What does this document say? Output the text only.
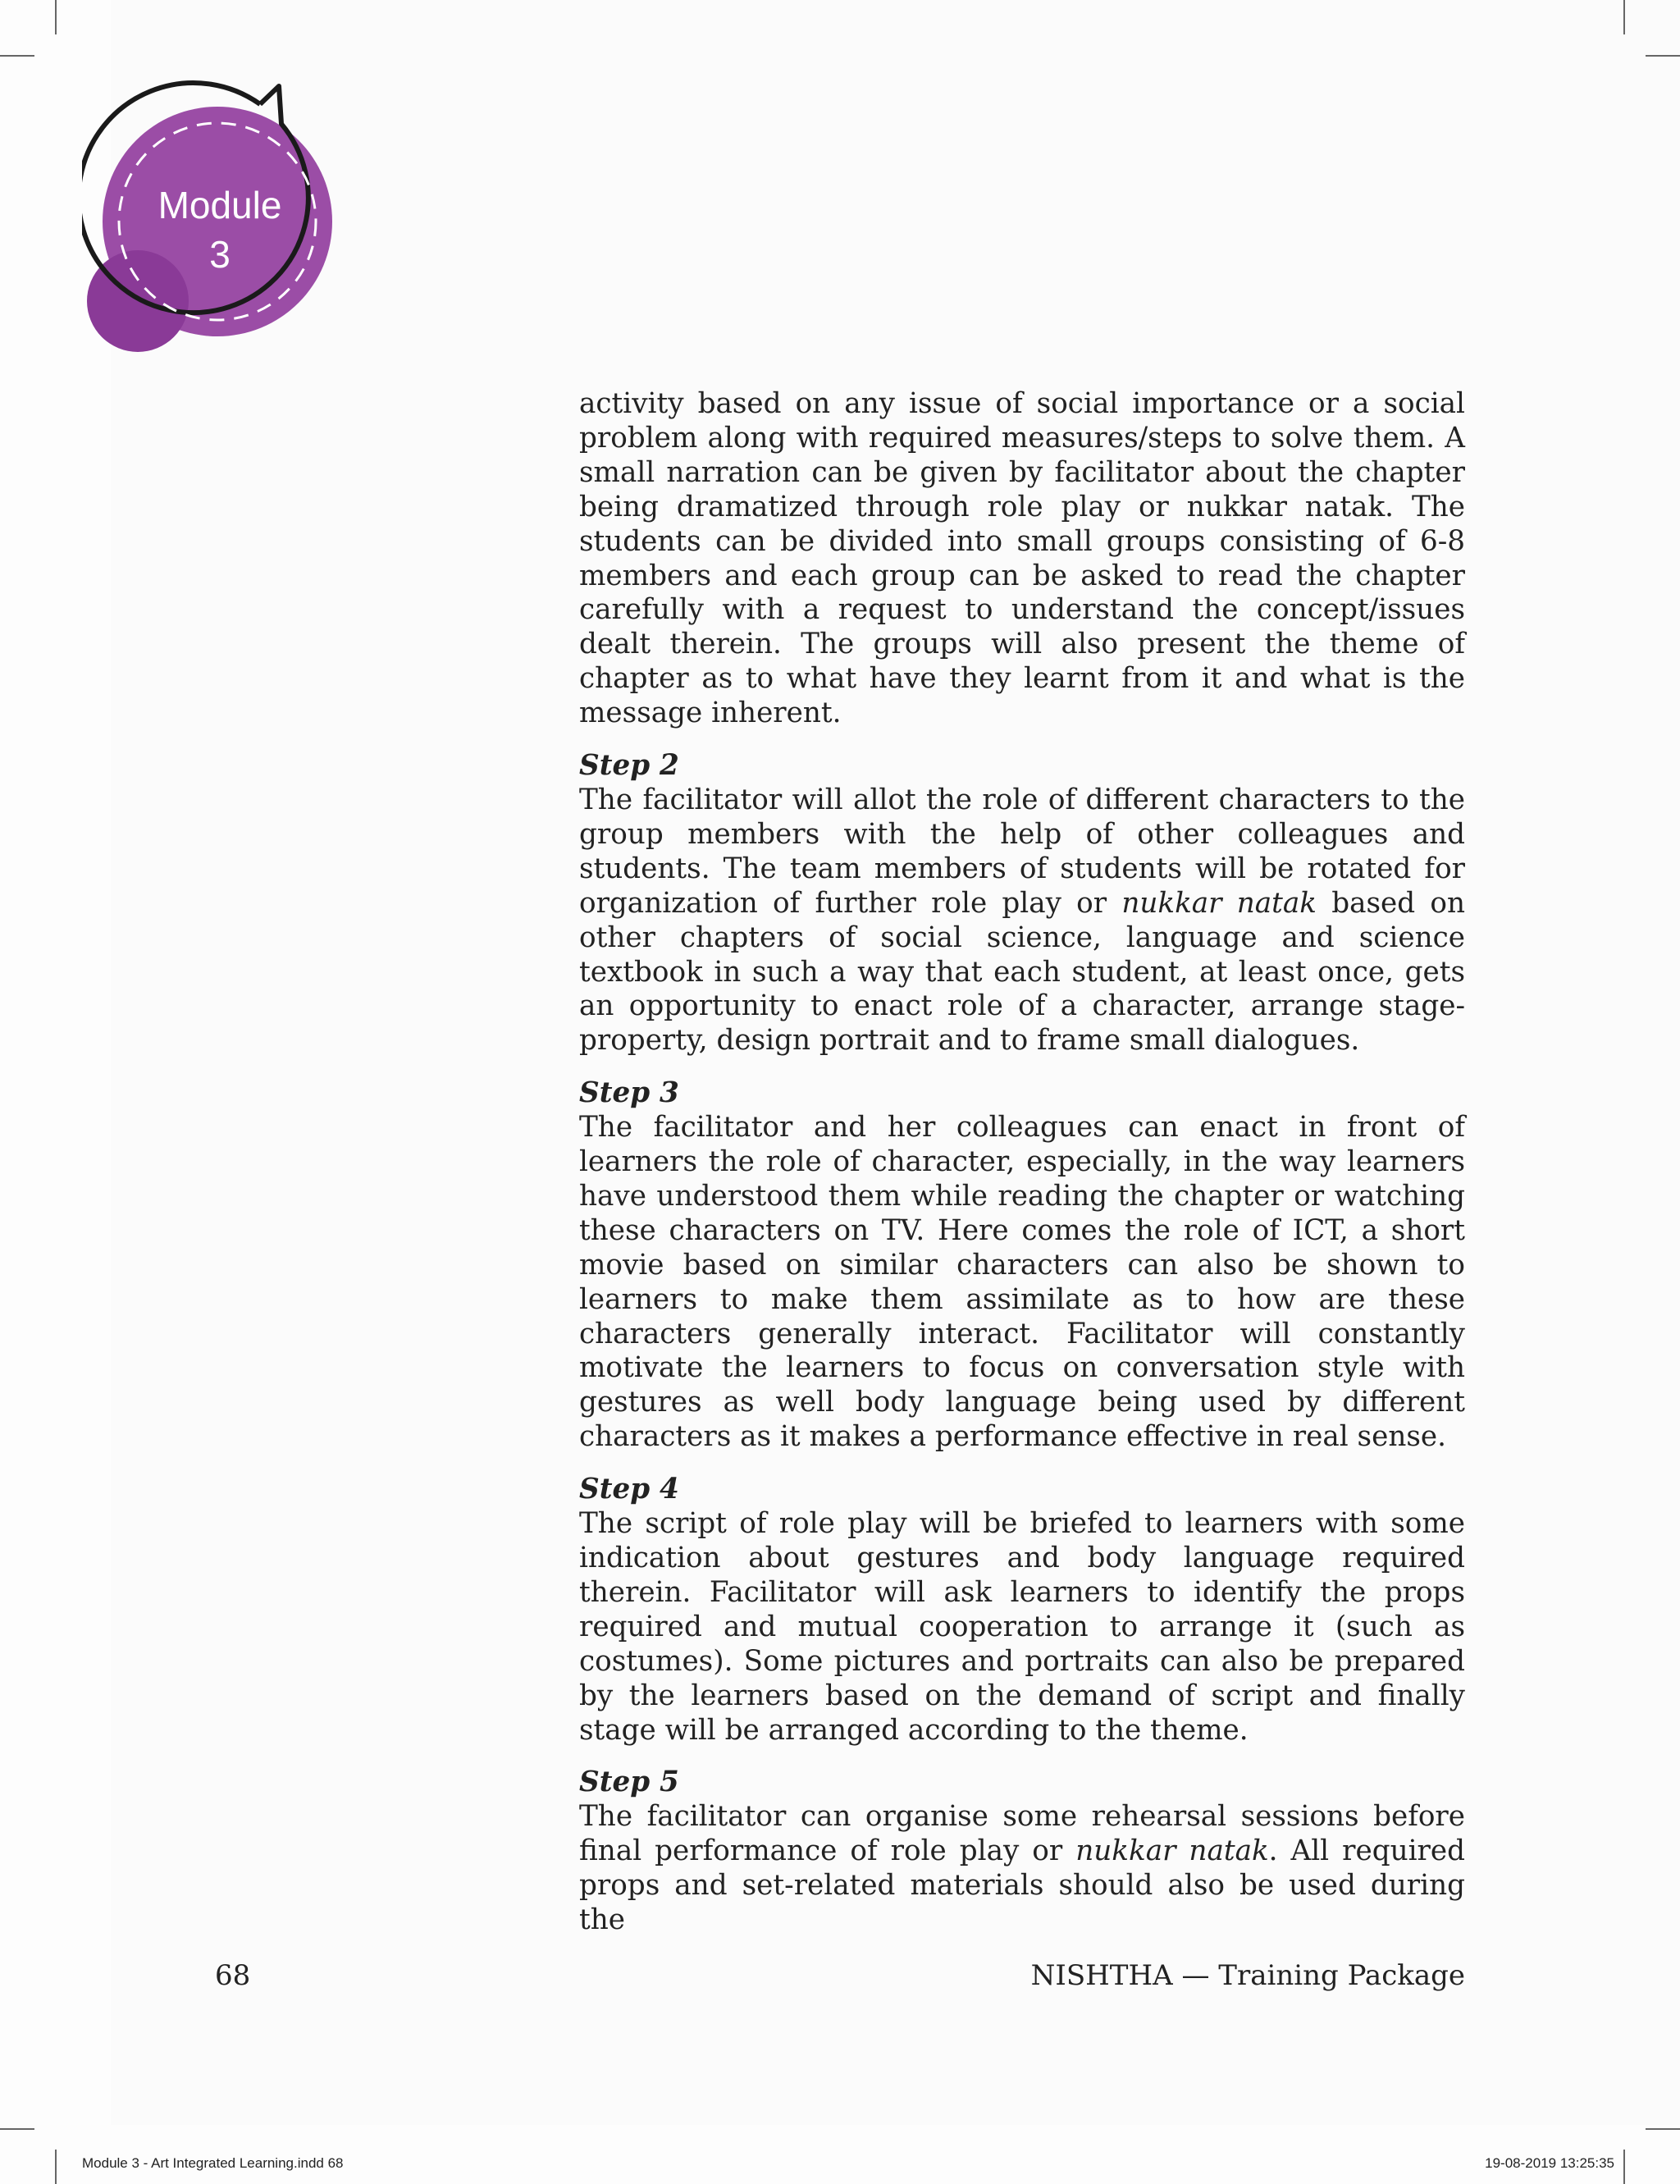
Module
3

activity based on any issue of social importance or a social problem along with required measures/steps to solve them. A small narration can be given by facilitator about the chapter being dramatized through role play or nukkar natak. The students can be divided into small groups consisting of 6-8 members and each group can be asked to read the chapter carefully with a request to understand the concept/issues dealt therein. The groups will also present the theme of chapter as to what have they learnt from it and what is the message inherent.

Step 2

The facilitator will allot the role of different characters to the group members with the help of other colleagues and students. The team members of students will be rotated for organization of further role play or nukkar natak based on other chapters of social science, language and science textbook in such a way that each student, at least once, gets an opportunity to enact role of a character, arrange stage-property, design portrait and to frame small dialogues.

Step 3

The facilitator and her colleagues can enact in front of learners the role of character, especially, in the way learners have understood them while reading the chapter or watching these characters on TV. Here comes the role of ICT, a short movie based on similar characters can also be shown to learners to make them assimilate as to how are these characters generally interact. Facilitator will constantly motivate the learners to focus on conversation style with gestures as well body language being used by different characters as it makes a performance effective in real sense.

Step 4

The script of role play will be briefed to learners with some indication about gestures and body language required therein. Facilitator will ask learners to identify the props required and mutual cooperation to arrange it (such as costumes). Some pictures and portraits can also be prepared by the learners based on the demand of script and finally stage will be arranged according to the theme.

Step 5

The facilitator can organise some rehearsal sessions before final performance of role play or nukkar natak. All required props and set-related materials should also be used during the

68	NISHTHA — Training Package
Module 3 - Art Integrated Learning.indd 68	19-08-2019 13:25:35
